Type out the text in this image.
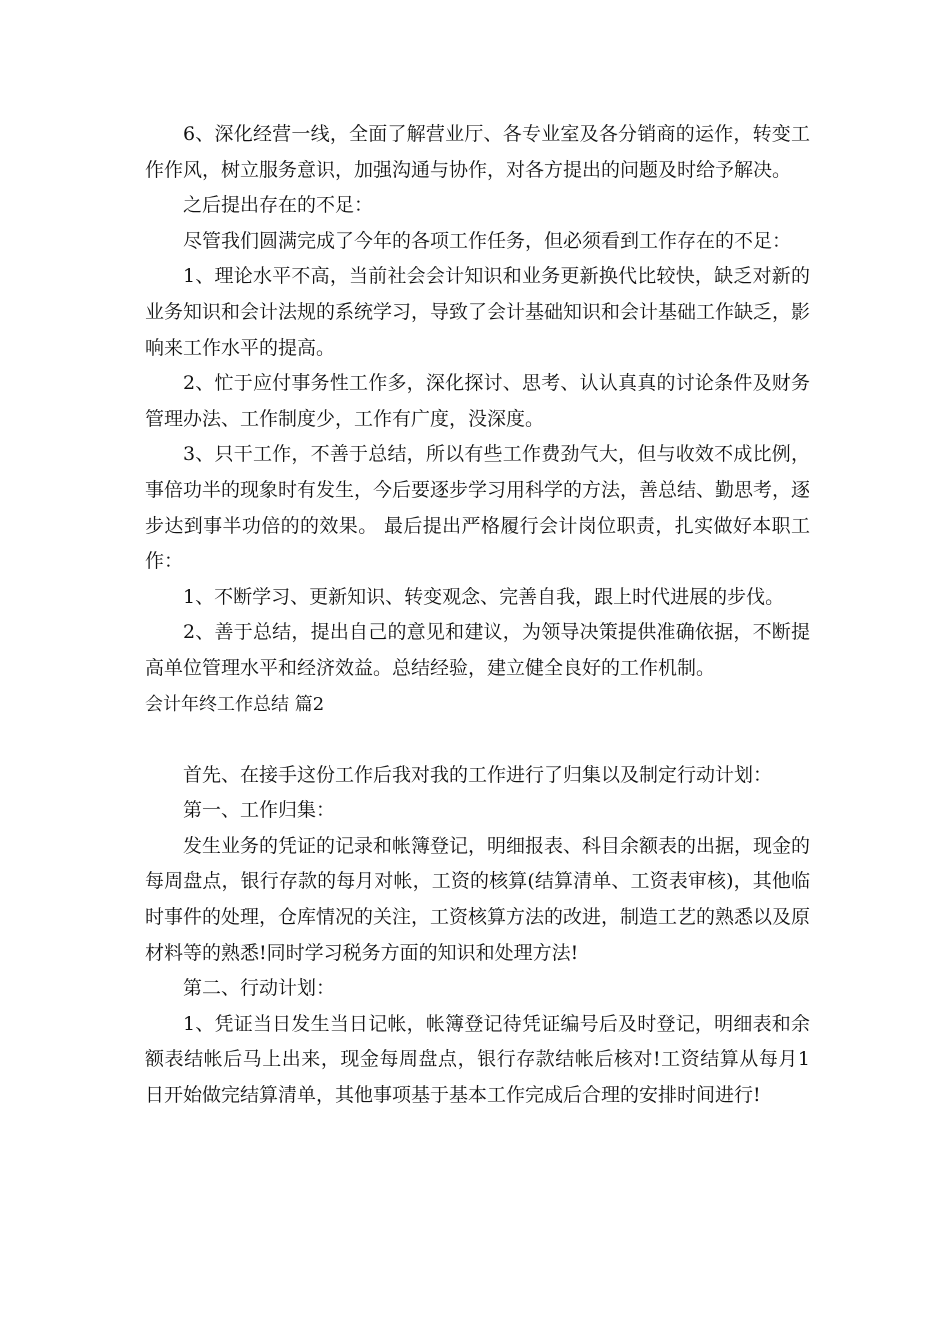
6、深化经营一线，全面了解营业厅、各专业室及各分销商的运作，转变工作作风，树立服务意识，加强沟通与协作，对各方提出的问题及时给予解决。

之后提出存在的不足：

尽管我们圆满完成了今年的各项工作任务，但必须看到工作存在的不足：

1、理论水平不高，当前社会会计知识和业务更新换代比较快，缺乏对新的业务知识和会计法规的系统学习，导致了会计基础知识和会计基础工作缺乏，影响来工作水平的提高。

2、忙于应付事务性工作多，深化探讨、思考、认认真真的讨论条件及财务管理办法、工作制度少，工作有广度，没深度。

3、只干工作，不善于总结，所以有些工作费劲气大，但与收效不成比例，事倍功半的现象时有发生，今后要逐步学习用科学的方法，善总结、勤思考，逐步达到事半功倍的的效果。 最后提出严格履行会计岗位职责，扎实做好本职工作：

1、不断学习、更新知识、转变观念、完善自我，跟上时代进展的步伐。

2、善于总结，提出自己的意见和建议，为领导决策提供准确依据，不断提高单位管理水平和经济效益。总结经验，建立健全良好的工作机制。

会计年终工作总结 篇2

首先、在接手这份工作后我对我的工作进行了归集以及制定行动计划：

第一、工作归集：

发生业务的凭证的记录和帐簿登记，明细报表、科目余额表的出据，现金的每周盘点，银行存款的每月对帐，工资的核算(结算清单、工资表审核)，其他临时事件的处理，仓库情况的关注，工资核算方法的改进，制造工艺的熟悉以及原材料等的熟悉!同时学习税务方面的知识和处理方法!

第二、行动计划：

1、凭证当日发生当日记帐，帐簿登记待凭证编号后及时登记，明细表和余额表结帐后马上出来，现金每周盘点，银行存款结帐后核对!工资结算从每月1日开始做完结算清单，其他事项基于基本工作完成后合理的安排时间进行!
